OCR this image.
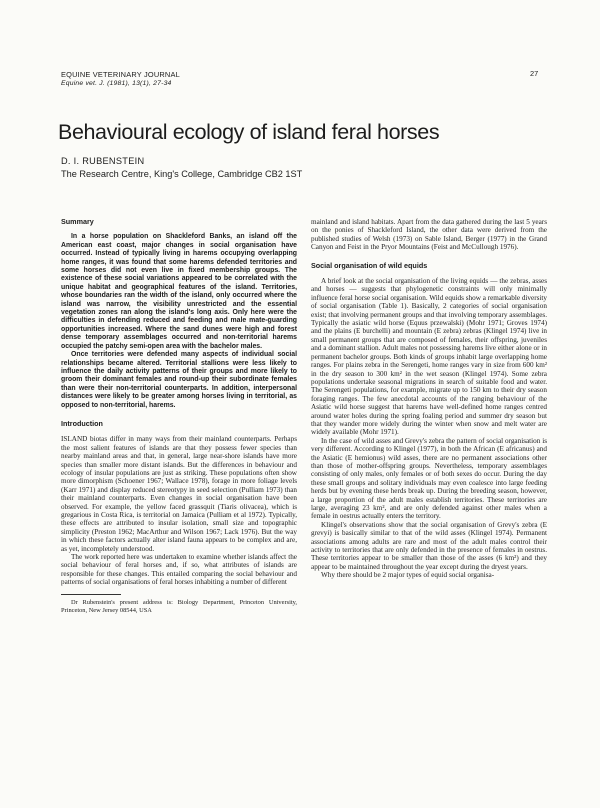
EQUINE VETERINARY JOURNAL
Equine vet. J. (1981), 13(1), 27-34
27
Behavioural ecology of island feral horses
D. I. RUBENSTEIN
The Research Centre, King's College, Cambridge CB2 1ST
Summary

In a horse population on Shackleford Banks, an island off the American east coast, major changes in social organisation have occurred. Instead of typically living in harems occupying overlapping home ranges, it was found that some harems defended territories and some horses did not even live in fixed membership groups. The existence of these social variations appeared to be correlated with the unique habitat and geographical features of the island. Territories, whose boundaries ran the width of the island, only occurred where the island was narrow, the visibility unrestricted and the essential vegetation zones ran along the island's long axis. Only here were the difficulties in defending reduced and feeding and male mate-guarding opportunities increased. Where the sand dunes were high and forest dense temporary assemblages occurred and non-territorial harems occupied the patchy semi-open area with the bachelor males.

Once territories were defended many aspects of individual social relationships became altered. Territorial stallions were less likely to influence the daily activity patterns of their groups and more likely to groom their dominant females and round-up their subordinate females than were their non-territorial counterparts. In addition, interpersonal distances were likely to be greater among horses living in territorial, as opposed to non-territorial, harems.

Introduction

ISLAND biotas differ in many ways from their mainland counterparts. Perhaps the most salient features of islands are that they possess fewer species than nearby mainland areas and that, in general, large near-shore islands have more species than smaller more distant islands. But the differences in behaviour and ecology of insular populations are just as striking. These populations often show more dimorphism (Schoener 1967; Wallace 1978), forage in more foliage levels (Karr 1971) and display reduced stereotypy in seed selection (Pulliam 1973) than their mainland counterparts. Even changes in social organisation have been observed. For example, the yellow faced grassquit (Tiaris olivacea), which is gregarious in Costa Rica, is territorial on Jamaica (Pulliam et al 1972). Typically, these effects are attributed to insular isolation, small size and topographic simplicity (Preston 1962; MacArthur and Wilson 1967; Lack 1976). But the way in which these factors actually alter island fauna appears to be complex and are, as yet, incompletely understood.

The work reported here was undertaken to examine whether islands affect the social behaviour of feral horses and, if so, what attributes of islands are responsible for these changes. This entailed comparing the social behaviour and patterns of social organisations of feral horses inhabiting a number of different

Dr Rubenstein's present address is: Biology Department, Princeton University, Princeton, New Jersey 08544, USA

mainland and island habitats. Apart from the data gathered during the last 5 years on the ponies of Shackleford Island, the other data were derived from the published studies of Welsh (1973) on Sable Island, Berger (1977) in the Grand Canyon and Feist in the Pryor Mountains (Feist and McCullough 1976).

Social organisation of wild equids

A brief look at the social organisation of the living equids — the zebras, asses and horses — suggests that phylogenetic constraints will only minimally influence feral horse social organisation. Wild equids show a remarkable diversity of social organisation (Table 1). Basically, 2 categories of social organisation exist; that involving permanent groups and that involving temporary assemblages. Typically the asiatic wild horse (Equus przewalski) (Mohr 1971; Groves 1974) and the plains (E burchelli) and mountain (E zebra) zebras (Klingel 1974) live in small permanent groups that are composed of females, their offspring, juveniles and a dominant stallion. Adult males not possessing harems live either alone or in permanent bachelor groups. Both kinds of groups inhabit large overlapping home ranges. For plains zebra in the Serengeti, home ranges vary in size from 600 km² in the dry season to 300 km² in the wet season (Klingel 1974). Some zebra populations undertake seasonal migrations in search of suitable food and water. The Serengeti populations, for example, migrate up to 150 km to their dry season foraging ranges. The few anecdotal accounts of the ranging behaviour of the Asiatic wild horse suggest that harems have well-defined home ranges centred around water holes during the spring foaling period and summer dry season but that they wander more widely during the winter when snow and melt water are widely available (Mohr 1971).

In the case of wild asses and Grevy's zebra the pattern of social organisation is very different. According to Klingel (1977), in both the African (E africanus) and the Asiatic (E hemionus) wild asses, there are no permanent associations other than those of mother-offspring groups. Nevertheless, temporary assemblages consisting of only males, only females or of both sexes do occur. During the day these small groups and solitary individuals may even coalesce into large feeding herds but by evening these herds break up. During the breeding season, however, a large proportion of the adult males establish territories. These territories are large, averaging 23 km², and are only defended against other males when a female in oestrus actually enters the territory.

Klingel's observations show that the social organisation of Grevy's zebra (E grevyi) is basically similar to that of the wild asses (Klingel 1974). Permanent associations among adults are rare and most of the adult males control their activity to territories that are only defended in the presence of females in oestrus. These territories appear to be smaller than those of the asses (6 km²) and they appear to be maintained throughout the year except during the dryest years.

Why there should be 2 major types of equid social organisa-
